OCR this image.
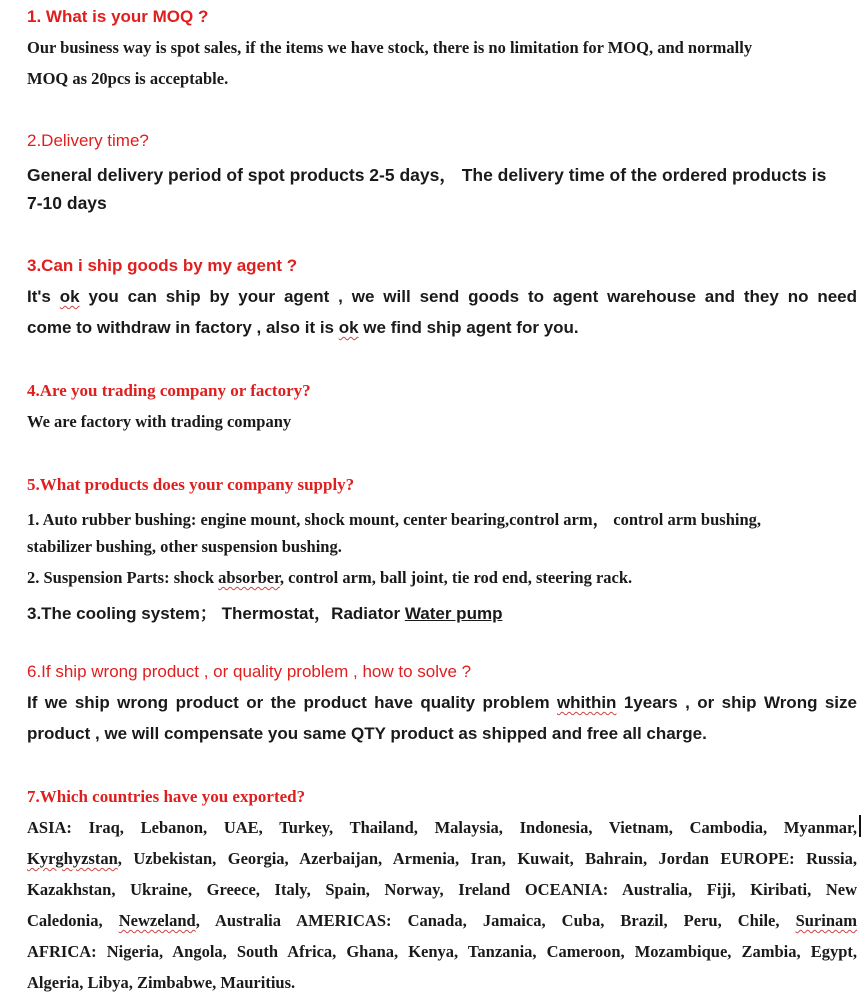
1. What is your MOQ ?
Our business way is spot sales, if the items we have stock, there is no limitation for MOQ, and normally
MOQ as 20pcs is acceptable.
2.Delivery time?
General delivery period of spot products 2-5 days， The delivery time of the ordered products is
7-10 days
3.Can i ship goods by my agent ?
It's ok you can ship by your agent , we will send goods to agent warehouse and they no need
come to withdraw in factory , also it is ok we find ship agent for you.
4.Are you trading company or factory?
We are factory with trading company
5.What products does your company supply?
1. Auto rubber bushing: engine mount, shock mount, center bearing,control arm， control arm bushing,
stabilizer bushing, other suspension bushing.
2. Suspension Parts: shock absorber, control arm, ball joint, tie rod end, steering rack.
3.The cooling system； Thermostat，Radiator Water pump
6.If ship wrong product , or quality problem , how to solve ?
If we ship wrong product or the product have quality problem whithin 1years , or ship Wrong size
product , we will compensate you same QTY product as shipped and free all charge.
7.Which countries have you exported?
ASIA: Iraq, Lebanon, UAE, Turkey, Thailand, Malaysia, Indonesia, Vietnam, Cambodia, Myanmar,
Kyrghyzstan, Uzbekistan, Georgia, Azerbaijan, Armenia, Iran, Kuwait, Bahrain, Jordan EUROPE: Russia,
Kazakhstan, Ukraine, Greece, Italy, Spain, Norway, Ireland OCEANIA: Australia, Fiji, Kiribati, New
Caledonia, Newzeland, Australia AMERICAS: Canada, Jamaica, Cuba, Brazil, Peru, Chile, Surinam
AFRICA: Nigeria, Angola, South Africa, Ghana, Kenya, Tanzania, Cameroon, Mozambique, Zambia, Egypt,
Algeria, Libya, Zimbabwe, Mauritius.
